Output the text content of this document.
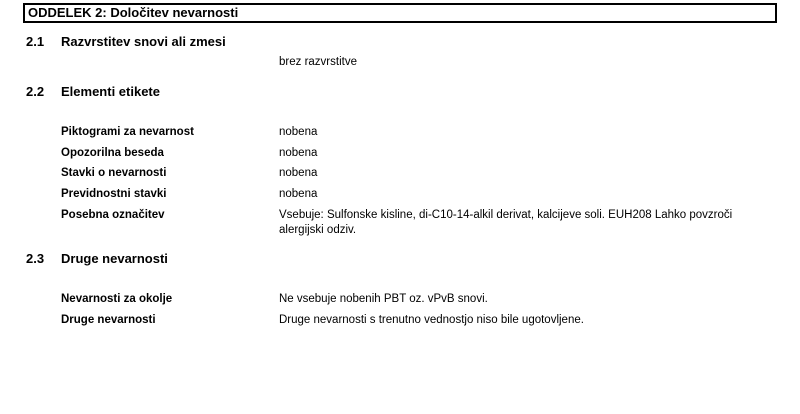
ODDELEK 2: Določitev nevarnosti
2.1 Razvrstitev snovi ali zmesi
brez razvrstitve
2.2 Elementi etikete
Piktogrami za nevarnost	nobena
Opozorilna beseda	nobena
Stavki o nevarnosti	nobena
Previdnostni stavki	nobena
Posebna označitev	Vsebuje: Sulfonske kisline, di-C10-14-alkil derivat, kalcijeve soli. EUH208 Lahko povzroči alergijski odziv.
2.3 Druge nevarnosti
Nevarnosti za okolje	Ne vsebuje nobenih PBT oz. vPvB snovi.
Druge nevarnosti	Druge nevarnosti s trenutno vednostjo niso bile ugotovljene.
